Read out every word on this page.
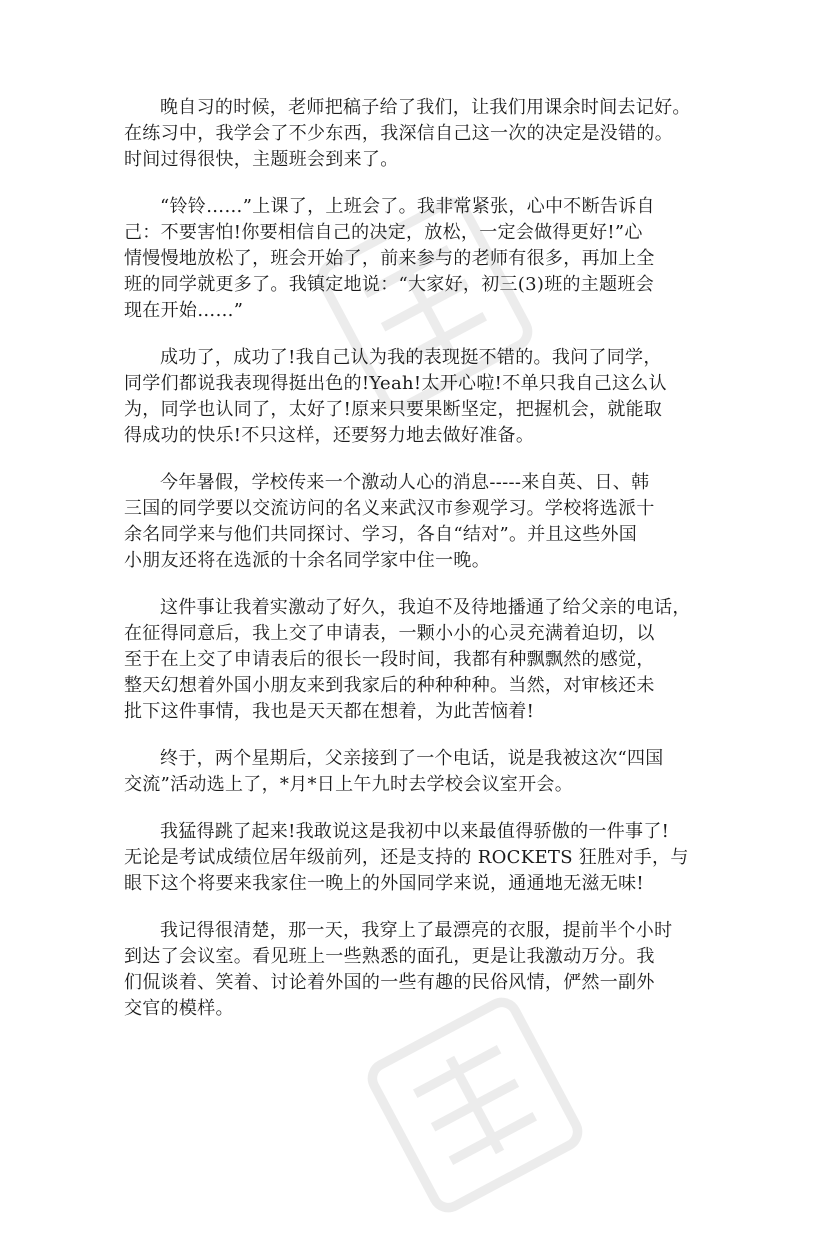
晚自习的时候，老师把稿子给了我们，让我们用课余时间去记好。
在练习中，我学会了不少东西，我深信自己这一次的决定是没错的。
时间过得很快，主题班会到来了。
“铃铃……”上课了，上班会了。我非常紧张，心中不断告诉自
己：不要害怕!你要相信自己的决定，放松，一定会做得更好!”心
情慢慢地放松了，班会开始了，前来参与的老师有很多，再加上全
班的同学就更多了。我镇定地说：“大家好，初三(3)班的主题班会
现在开始……”
成功了，成功了!我自己认为我的表现挺不错的。我问了同学，
同学们都说我表现得挺出色的!Yeah!太开心啦!不单只我自己这么认
为，同学也认同了，太好了!原来只要果断坚定，把握机会，就能取
得成功的快乐!不只这样，还要努力地去做好准备。
今年暑假，学校传来一个激动人心的消息-----来自英、日、韩
三国的同学要以交流访问的名义来武汉市参观学习。学校将选派十
余名同学来与他们共同探讨、学习，各自“结对”。并且这些外国
小朋友还将在选派的十余名同学家中住一晚。
这件事让我着实激动了好久，我迫不及待地播通了给父亲的电话，
在征得同意后，我上交了申请表，一颗小小的心灵充满着迫切，以
至于在上交了申请表后的很长一段时间，我都有种飘飘然的感觉，
整天幻想着外国小朋友来到我家后的种种种种。当然，对审核还未
批下这件事情，我也是天天都在想着，为此苦恼着!
终于，两个星期后，父亲接到了一个电话，说是我被这次“四国
交流”活动选上了，*月*日上午九时去学校会议室开会。
我猛得跳了起来!我敢说这是我初中以来最值得骄傲的一件事了!
无论是考试成绩位居年级前列，还是支持的 ROCKETS 狂胜对手，与
眼下这个将要来我家住一晚上的外国同学来说，通通地无滋无味!
我记得很清楚，那一天，我穿上了最漂亮的衣服，提前半个小时
到达了会议室。看见班上一些熟悉的面孔，更是让我激动万分。我
们侃谈着、笑着、讨论着外国的一些有趣的民俗风情，俨然一副外
交官的模样。
